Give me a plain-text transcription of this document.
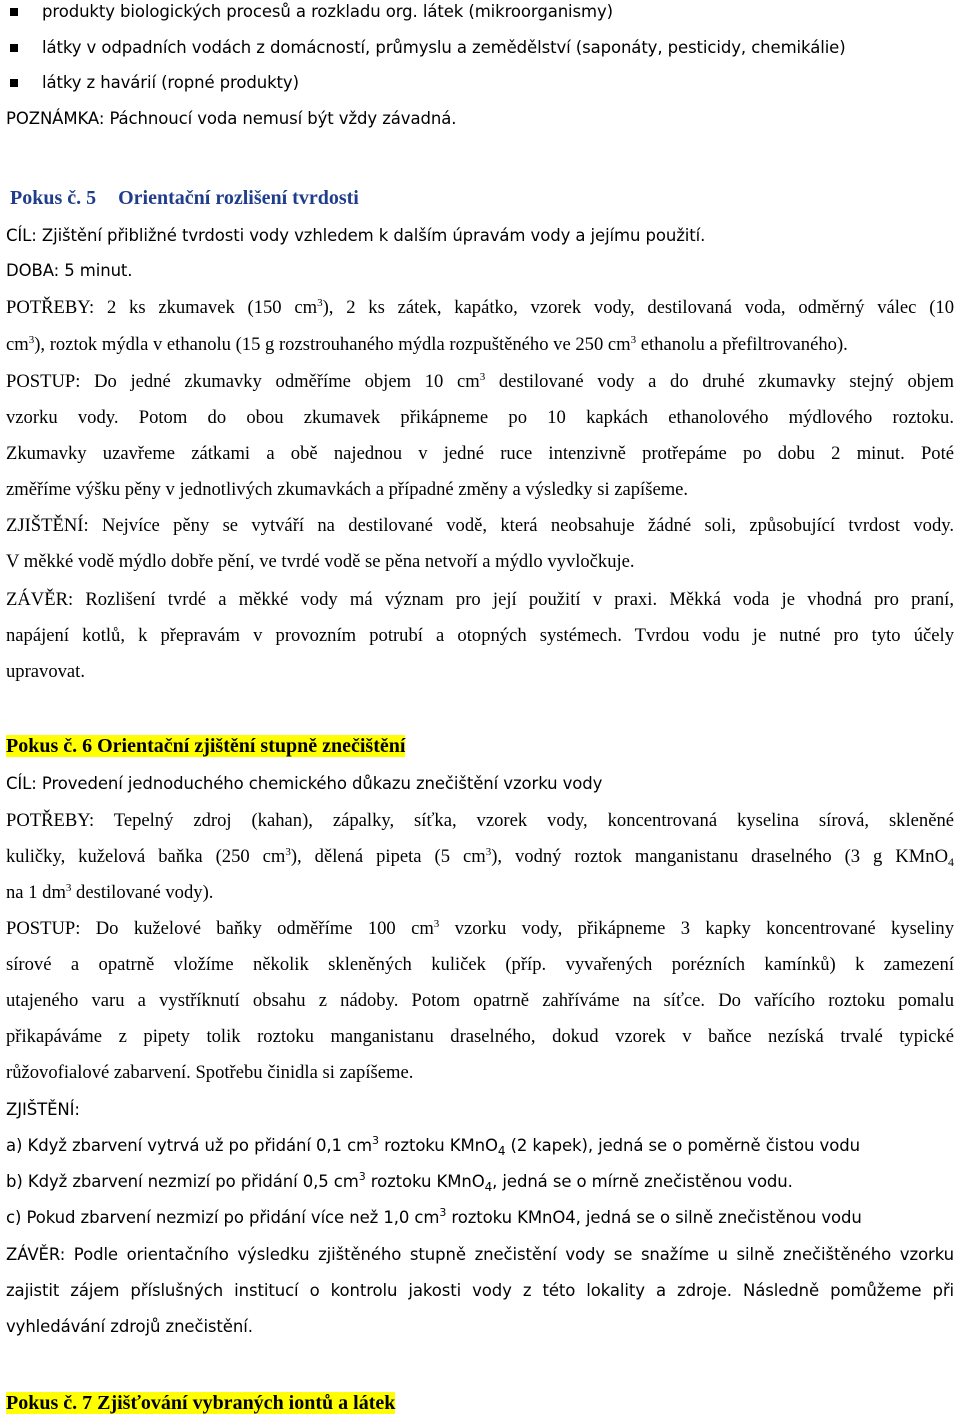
produkty biologických procesů a rozkladu org. látek (mikroorganismy)
látky v odpadních vodách z domácností, průmyslu a zemědělství (saponáty, pesticidy, chemikálie)
látky z havárií (ropné produkty)
POZNÁMKA: Páchnoucí voda nemusí být vždy závadná.
Pokus č. 5 Orientační rozlišení tvrdosti
CÍL: Zjištění přibližné tvrdosti vody vzhledem k dalším úpravám vody a jejímu použití.
DOBA: 5 minut.
POTŘEBY: 2 ks zkumavek (150 $cm^3$), 2 ks zátek, kapátko, vzorek vody, destilovaná voda, odměrný válec (10
$cm^3$), roztok mýdla v ethanolu (15 g rozstrouhaného mýdla rozpuštěného ve 250 $cm^3$ ethanolu a přefiltrovaného).
POSTUP: Do jedné zkumavky odměříme objem 10 $cm^3$ destilované vody a do druhé zkumavky stejný objem
vzorku vody. Potom do obou zkumavek přikápneme po 10 kapkách ethanolového mýdlového roztoku.
Zkumavky uzavřeme zátkami a obě najednou v jedné ruce intenzivně protřepáme po dobu 2 minut. Poté
změříme výšku pěny v jednotlivých zkumavkách a případné změny a výsledky si zapíšeme.
ZJIŠTĚNÍ: Nejvíce pěny se vytváří na destilované vodě, která neobsahuje žádné soli, způsobující tvrdost vody.
V měkké vodě mýdlo dobře pění, ve tvrdé vodě se pěna netvoří a mýdlo vyvločkuje.
ZÁVĚR: Rozlišení tvrdé a měkké vody má význam pro její použití v praxi. Měkká voda je vhodná pro praní,
napájení kotlů, k přepravám v provozním potrubí a otopných systémech. Tvrdou vodu je nutné pro tyto účely
upravovat.
Pokus č. 6 Orientační zjištění stupně znečištění
CÍL: Provedení jednoduchého chemického důkazu znečištění vzorku vody
POTŘEBY: Tepelný zdroj (kahan), zápalky, síťka, vzorek vody, koncentrovaná kyselina sírová, skleněné
kuličky, kuželová baňka (250 $cm^3$), dělená pipeta (5 $cm^3$), vodný roztok manganistanu draselného (3 g KMnO$_4$
na 1 $dm^3$ destilované vody).
POSTUP: Do kuželové baňky odměříme 100 $cm^3$ vzorku vody, přikápneme 3 kapky koncentrované kyseliny
sírové a opatrně vložíme několik skleněných kuliček (příp. vyvařených porézních kamínků) k zamezení
utajeného varu a vystříknutí obsahu z nádoby. Potom opatrně zahříváme na síťce. Do vařícího roztoku pomalu
přikapáváme z pipety tolik roztoku manganistanu draselného, dokud vzorek v baňce nezíská trvalé typické
růžovofialové zabarvení. Spotřebu činidla si zapíšeme.
ZJIŠTĚNÍ:
a) Když zbarvení vytrvá už po přidání 0,1 $cm^3$ roztoku KMnO$_4$ (2 kapek), jedná se o poměrně čistou vodu
b) Když zbarvení nezmizí po přidání 0,5 $cm^3$ roztoku KMnO$_4$, jedná se o mírně znečistěnou vodu.
c) Pokud zbarvení nezmizí po přidání více než 1,0 $cm^3$ roztoku KMnO4, jedná se o silně znečistěnou vodu
ZÁVĚR: Podle orientačního výsledku zjištěného stupně znečistění vody se snažíme u silně znečištěného vzorku
zajistit zájem příslušných institucí o kontrolu jakosti vody z této lokality a zdroje. Následně pomůžeme při
vyhledávání zdrojů znečistění.
Pokus č. 7 Zjišťování vybraných iontů a látek
